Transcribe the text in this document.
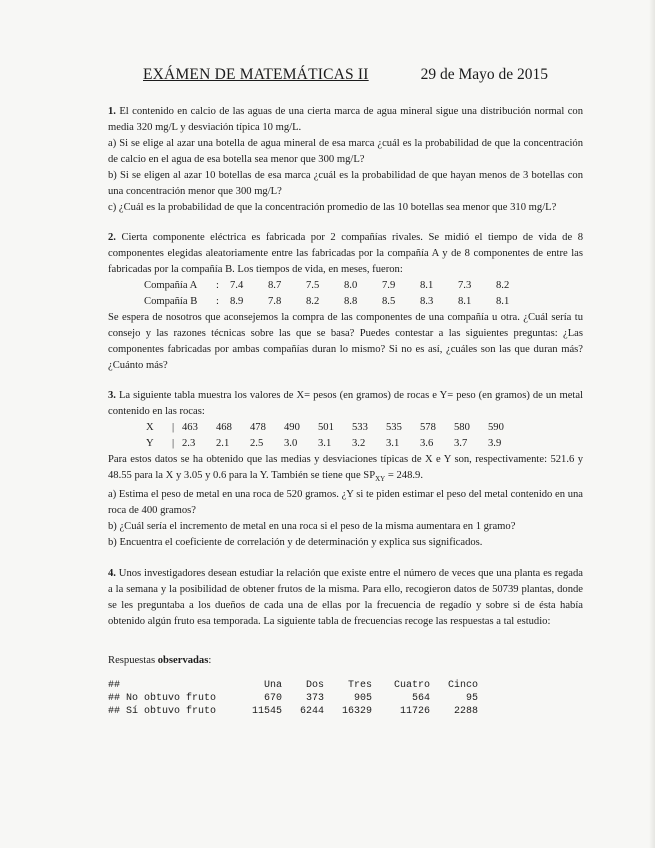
EXÁMEN DE MATEMÁTICAS II	29 de Mayo de 2015

1. El contenido en calcio de las aguas de una cierta marca de agua mineral sigue una distribución normal con media 320 mg/L y desviación típica 10 mg/L.

a) Si se elige al azar una botella de agua mineral de esa marca ¿cuál es la probabilidad de que la concentración de calcio en el agua de esa botella sea menor que 300 mg/L?

b) Si se eligen al azar 10 botellas de esa marca ¿cuál es la probabilidad de que hayan menos de 3 botellas con una concentración menor que 300 mg/L?

c) ¿Cuál es la probabilidad de que la concentración promedio de las 10 botellas sea menor que 310 mg/L?

2. Cierta componente eléctrica es fabricada por 2 compañías rivales. Se midió el tiempo de vida de 8 componentes elegidas aleatoriamente entre las fabricadas por la compañía A y de 8 componentes de entre las fabricadas por la compañía B. Los tiempos de vida, en meses, fueron:

Compañía A	:	7.4	8.7	7.5	8.0	7.9	8.1	7.3	8.2
Compañía B	:	8.9	7.8	8.2	8.8	8.5	8.3	8.1	8.1

Se espera de nosotros que aconsejemos la compra de las componentes de una compañía u otra. ¿Cuál sería tu consejo y las razones técnicas sobre las que se basa? Puedes contestar a las siguientes preguntas: ¿Las componentes fabricadas por ambas compañías duran lo mismo? Si no es así, ¿cuáles son las que duran más? ¿Cuánto más?

3. La siguiente tabla muestra los valores de X= pesos (en gramos) de rocas e Y= peso (en gramos) de un metal contenido en las rocas:

X	| 463	468	478	490	501	533	535	578	580	590
Y	| 2.3	2.1	2.5	3.0	3.1	3.2	3.1	3.6	3.7	3.9

Para estos datos se ha obtenido que las medias y desviaciones típicas de X e Y son, respectivamente: 521.6 y 48.55 para la X y 3.05 y 0.6 para la Y. También se tiene que $SP_{XY} = 248.9$.

a) Estima el peso de metal en una roca de 520 gramos. ¿Y si te piden estimar el peso del metal contenido en una roca de 400 gramos?

b) ¿Cuál sería el incremento de metal en una roca si el peso de la misma aumentara en 1 gramo?

b) Encuentra el coeficiente de correlación y de determinación y explica sus significados.

4. Unos investigadores desean estudiar la relación que existe entre el número de veces que una planta es regada a la semana y la posibilidad de obtener frutos de la misma. Para ello, recogieron datos de 50739 plantas, donde se les preguntaba a los dueños de cada una de ellas por la frecuencia de regadío y sobre si de ésta había obtenido algún fruto esa temporada. La siguiente tabla de frecuencias recoge las respuestas a tal estudio:

Respuestas observadas:
##	Una	Dos	Tres	Cuatro	Cinco
## No obtuvo fruto	670	373	905	564	95
## Sí obtuvo fruto	11545	6244	16329	11726	2288
